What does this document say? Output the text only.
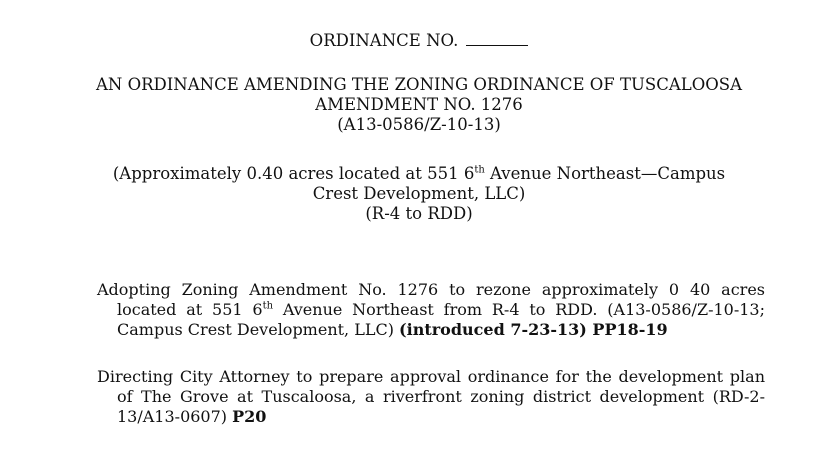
ORDINANCE NO.
AN ORDINANCE AMENDING THE ZONING ORDINANCE OF TUSCALOOSA
AMENDMENT NO. 1276
(A13-0586/Z-10-13)
(Approximately 0.40 acres located at 551 6th Avenue Northeast—Campus
Crest Development, LLC)
(R-4 to RDD)
Adopting Zoning Amendment No. 1276 to rezone approximately 0 40 acres
located at 551 6th Avenue Northeast from R-4 to RDD. (A13-0586/Z-10-13;
Campus Crest Development, LLC) (introduced 7-23-13) PP18-19
Directing City Attorney to prepare approval ordinance for the development plan
of The Grove at Tuscaloosa, a riverfront zoning district development (RD-2-
13/A13-0607) P20
